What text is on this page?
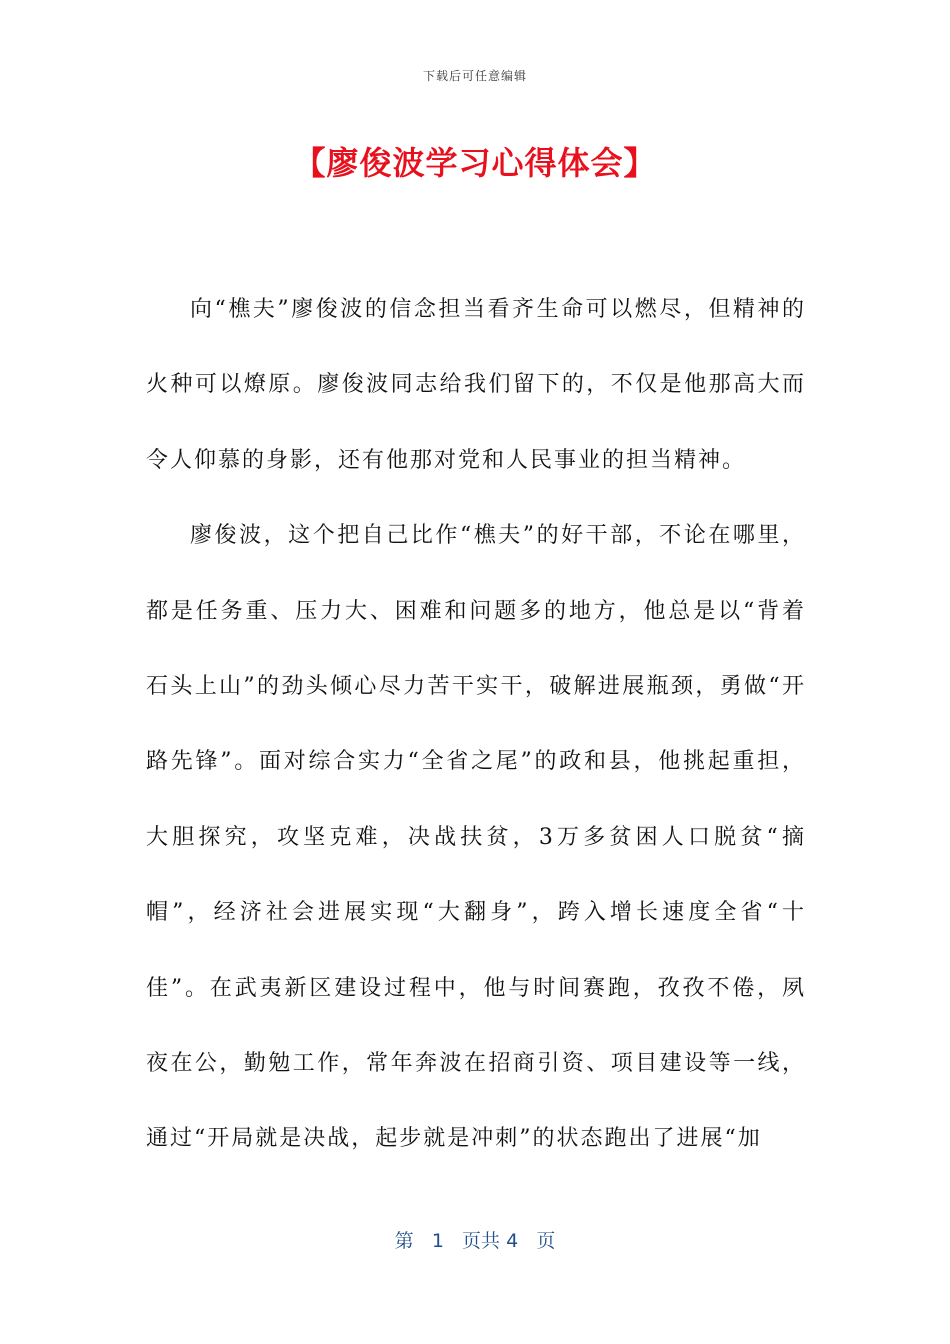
下载后可任意编辑
【廖俊波学习心得体会】

向“樵夫”廖俊波的信念担当看齐生命可以燃尽，但精神的火种可以燎原。廖俊波同志给我们留下的，不仅是他那高大而令人仰慕的身影，还有他那对党和人民事业的担当精神。

廖俊波，这个把自己比作“樵夫”的好干部，不论在哪里，都是任务重、压力大、困难和问题多的地方，他总是以“背着石头上山”的劲头倾心尽力苦干实干，破解进展瓶颈，勇做“开路先锋”。面对综合实力“全省之尾”的政和县，他挑起重担，大胆探究，攻坚克难，决战扶贫，3万多贫困人口脱贫“摘帽”，经济社会进展实现“大翻身”，跨入增长速度全省“十佳”。在武夷新区建设过程中，他与时间赛跑，孜孜不倦，夙夜在公，勤勉工作，常年奔波在招商引资、项目建设等一线，通过“开局就是决战，起步就是冲刺”的状态跑出了进展“加

第 1 页共 4 页
